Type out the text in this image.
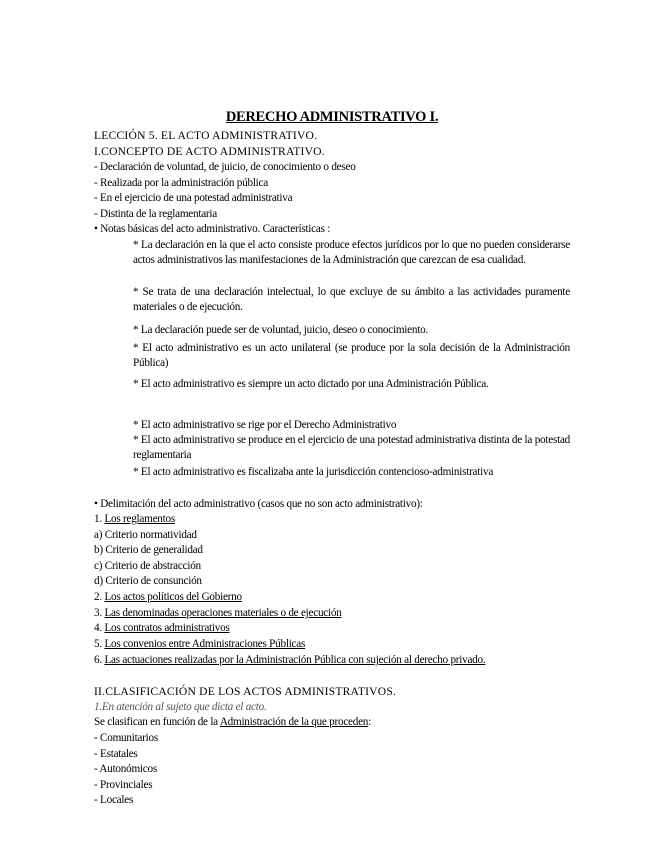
DERECHO ADMINISTRATIVO I.
LECCIÓN 5. EL ACTO ADMINISTRATIVO.
I.CONCEPTO DE ACTO ADMINISTRATIVO.
- Declaración de voluntad, de juicio, de conocimiento o deseo
- Realizada por la administración pública
- En el ejercicio de una potestad administrativa
- Distinta de la reglamentaria
• Notas básicas del acto administrativo. Características :
* La declaración en la que el acto consiste produce efectos jurídicos por lo que no pueden considerarse actos administrativos las manifestaciones de la Administración que carezcan de esa cualidad.
* Se trata de una declaración intelectual, lo que excluye de su ámbito a las actividades puramente materiales o de ejecución.
* La declaración puede ser de voluntad, juicio, deseo o conocimiento.
* El acto administrativo es un acto unilateral (se produce por la sola decisión de la Administración Pública)
* El acto administrativo es siempre un acto dictado por una Administración Pública.
* El acto administrativo se rige por el Derecho Administrativo
* El acto administrativo se produce en el ejercicio de una potestad administrativa distinta de la potestad reglamentaria
* El acto administrativo es fiscalizaba ante la jurisdicción contencioso-administrativa
• Delimitación del acto administrativo (casos que no son acto administrativo):
1. Los reglamentos
a) Criterio normatividad
b) Criterio de generalidad
c) Criterio de abstracción
d) Criterio de consunción
2. Los actos políticos del Gobierno
3. Las denominadas operaciones materiales o de ejecución
4. Los contratos administrativos
5. Los convenios entre Administraciones Públicas
6. Las actuaciones realizadas por la Administración Pública con sujeción al derecho privado.
II.CLASIFICACIÓN DE LOS ACTOS ADMINISTRATIVOS.
1.En atención al sujeto que dicta el acto.
Se clasifican en función de la Administración de la que proceden:
- Comunitarios
- Estatales
- Autonómicos
- Provinciales
- Locales
